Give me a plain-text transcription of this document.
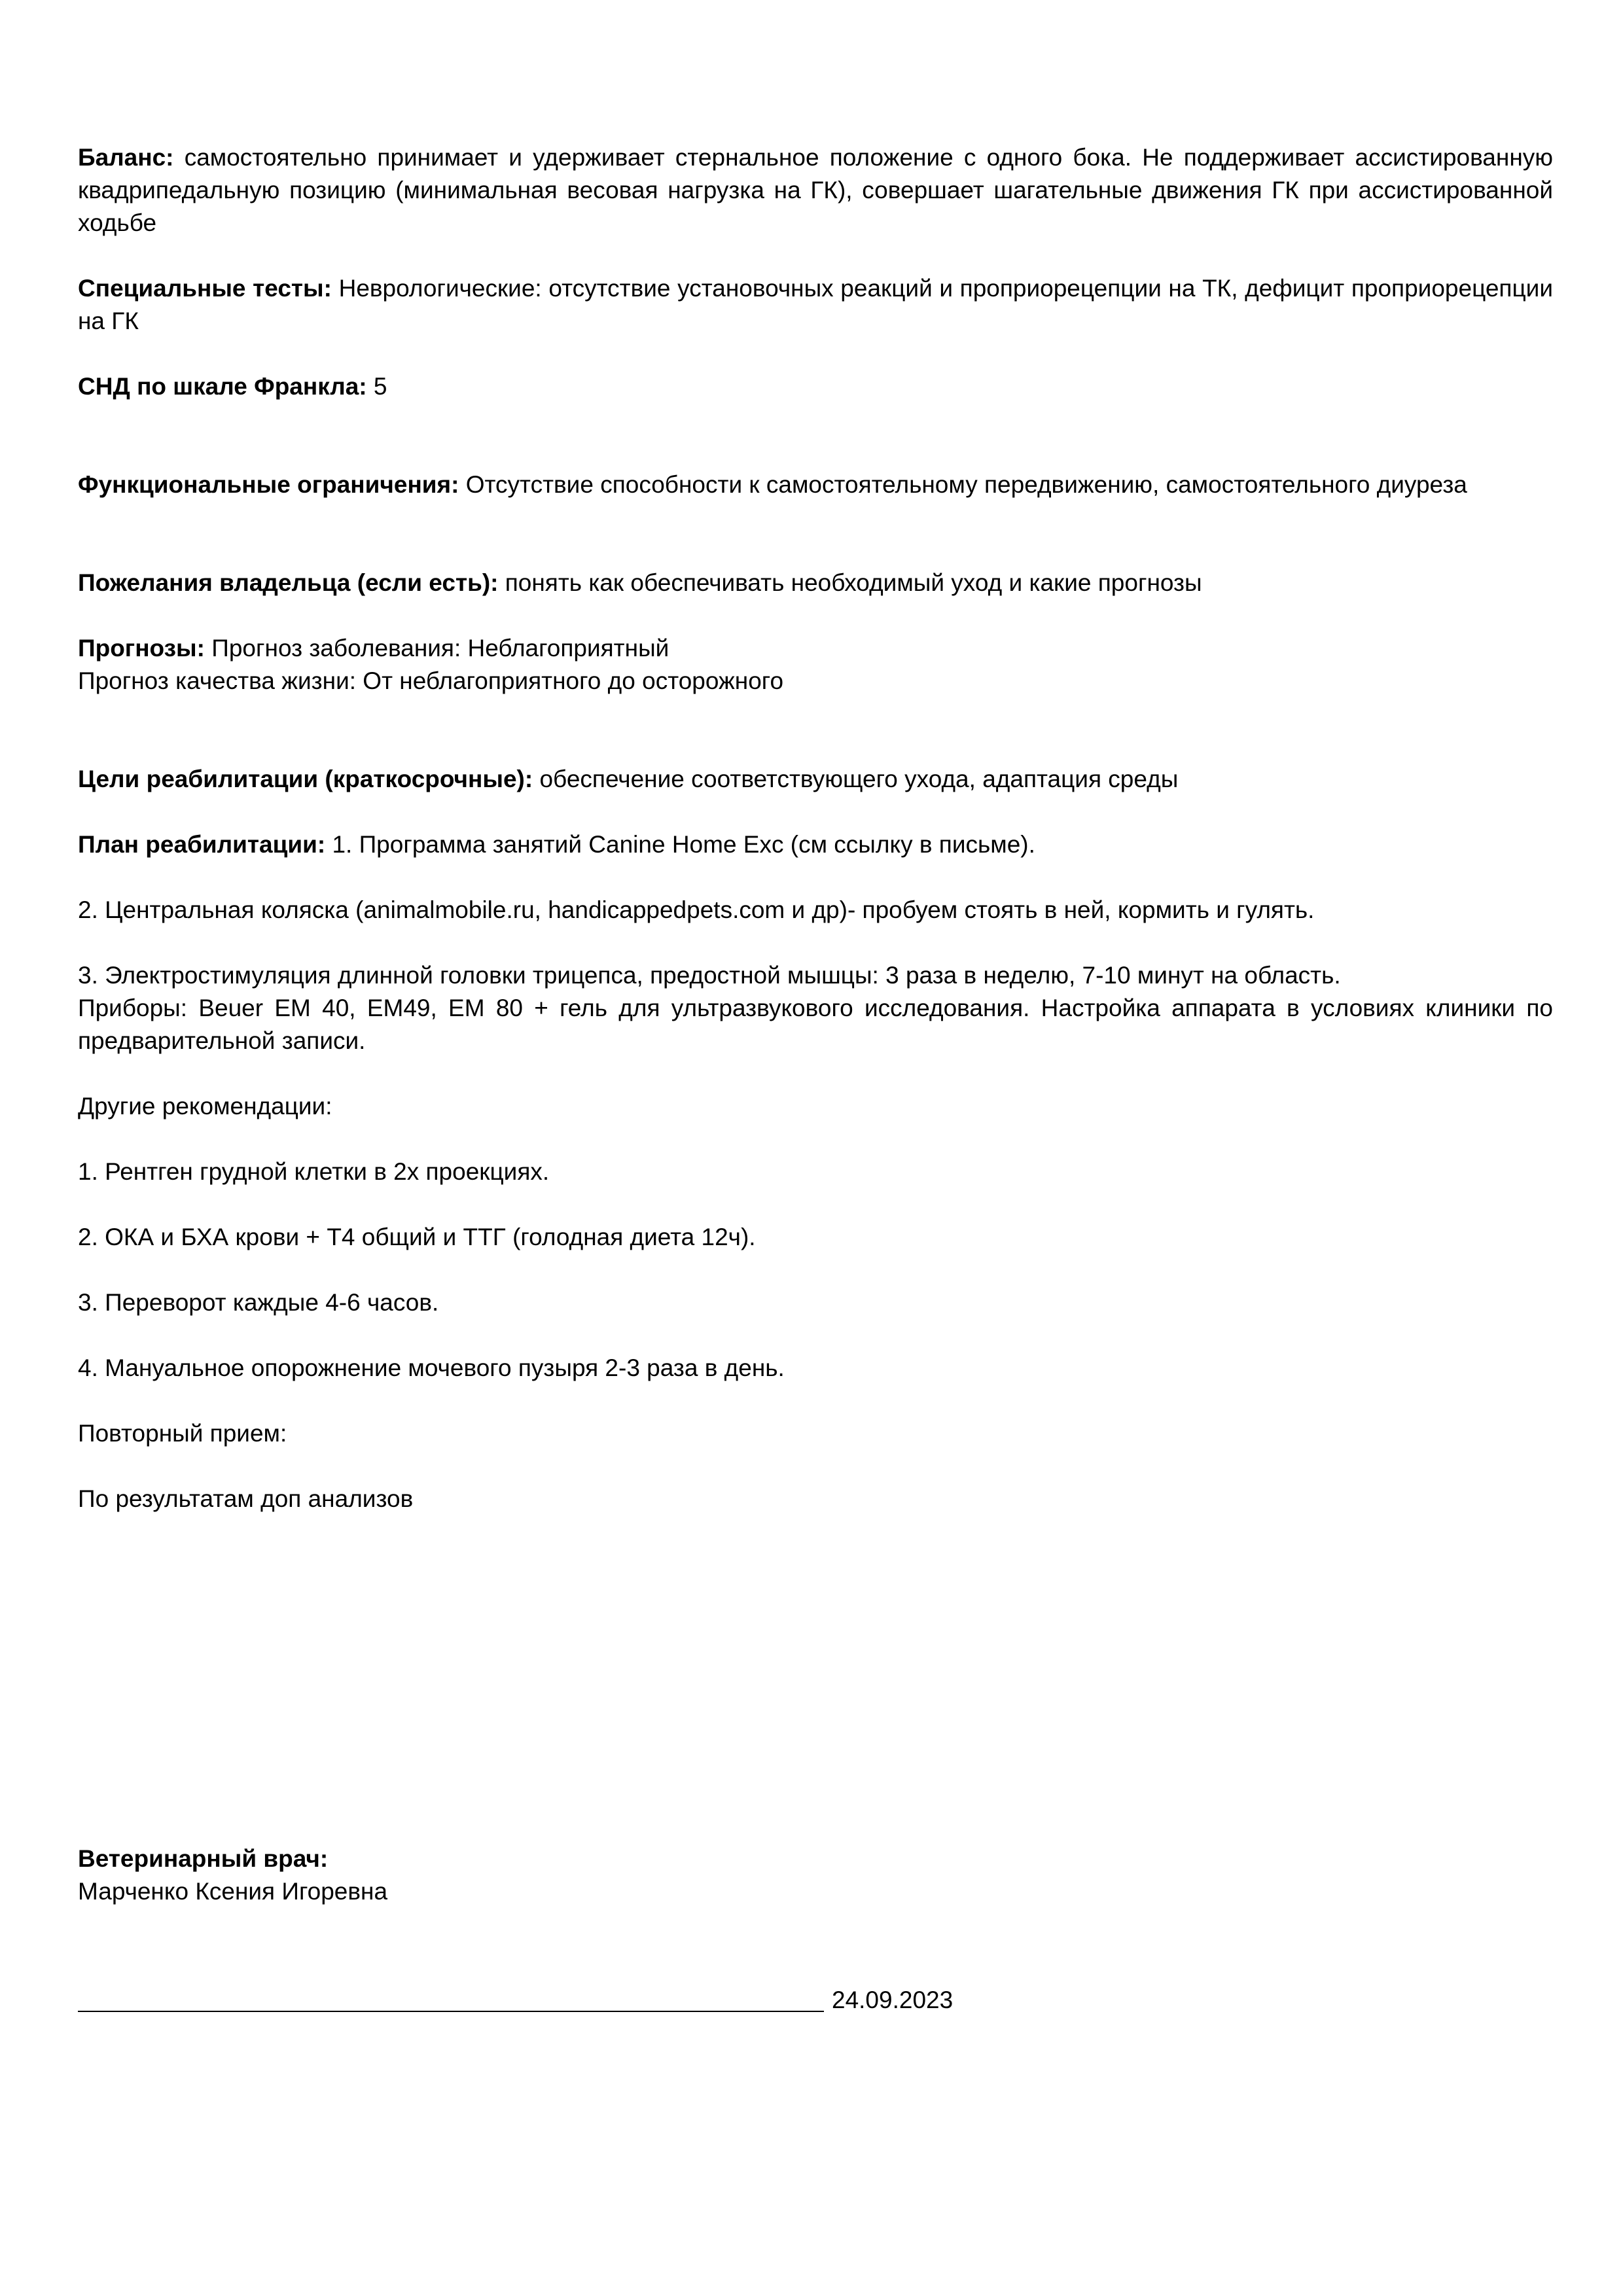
Баланс: самостоятельно принимает и удерживает стернальное положение с одного бока. Не поддерживает ассистированную квадрипедальную позицию (минимальная весовая нагрузка на ГК), совершает шагательные движения ГК при ассистированной ходьбе

Специальные тесты: Неврологические: отсутствие установочных реакций и проприорецепции на ТК, дефицит проприорецепции на ГК

СНД по шкале Франкла: 5

Функциональные ограничения: Отсутствие способности к самостоятельному передвижению, самостоятельного диуреза

Пожелания владельца (если есть): понять как обеспечивать необходимый уход и какие прогнозы

Прогнозы: Прогноз заболевания: Неблагоприятный
Прогноз качества жизни: От неблагоприятного до осторожного

Цели реабилитации (краткосрочные): обеспечение соответствующего ухода, адаптация среды

План реабилитации: 1. Программа занятий Canine Home Exc (см ссылку в письме).

2. Центральная коляска (animalmobile.ru, handicappedpets.com и др)- пробуем стоять в ней, кормить и гулять.

3. Электростимуляция длинной головки трицепса, предостной мышцы: 3 раза в неделю, 7-10 минут на область.

Приборы: Beuer EM 40, EM49, EM 80 + гель для ультразвукового исследования. Настройка аппарата в условиях клиники по предварительной записи.

Другие рекомендации:

1. Рентген грудной клетки в 2х проекциях.

2. ОКА и БХА крови + Т4 общий и ТТГ (голодная диета 12ч).

3. Переворот каждые 4-6 часов.

4. Мануальное опорожнение мочевого пузыря 2-3 раза в день.

Повторный прием:

По результатам доп анализов

Ветеринарный врач:

Марченко Ксения Игоревна

24.09.2023
